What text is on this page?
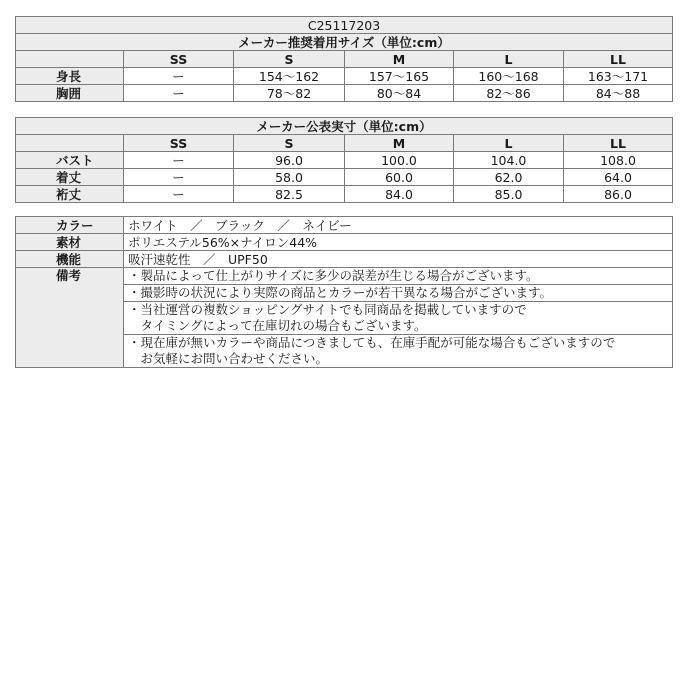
C25117203					
メーカー推奨着用サイズ（単位:cm）					
	SS	S	M	L	LL
身長	ー	154〜162	157〜165	160〜168	163〜171
胸囲	ー	78〜82	80〜84	82〜86	84〜88
メーカー公表実寸（単位:cm）					
	SS	S	M	L	LL
バスト	ー	96.0	100.0	104.0	108.0
着丈	ー	58.0	60.0	62.0	64.0
裄丈	ー	82.5	84.0	85.0	86.0
カラー	ホワイト　／　ブラック　／　ネイビー
素材	ポリエステル56%×ナイロン44%
機能	吸汗速乾性　／　UPF50
備考	・製品によって仕上がりサイズに多少の誤差が生じる場合がございます。

	・撮影時の状況により実際の商品とカラーが若干異なる場合がございます。

	・当社運営の複数ショッピングサイトでも同商品を掲載していますので
　タイミングによって在庫切れの場合もございます。

	・現在庫が無いカラーや商品につきましても、在庫手配が可能な場合もございますので
　お気軽にお問い合わせください。
